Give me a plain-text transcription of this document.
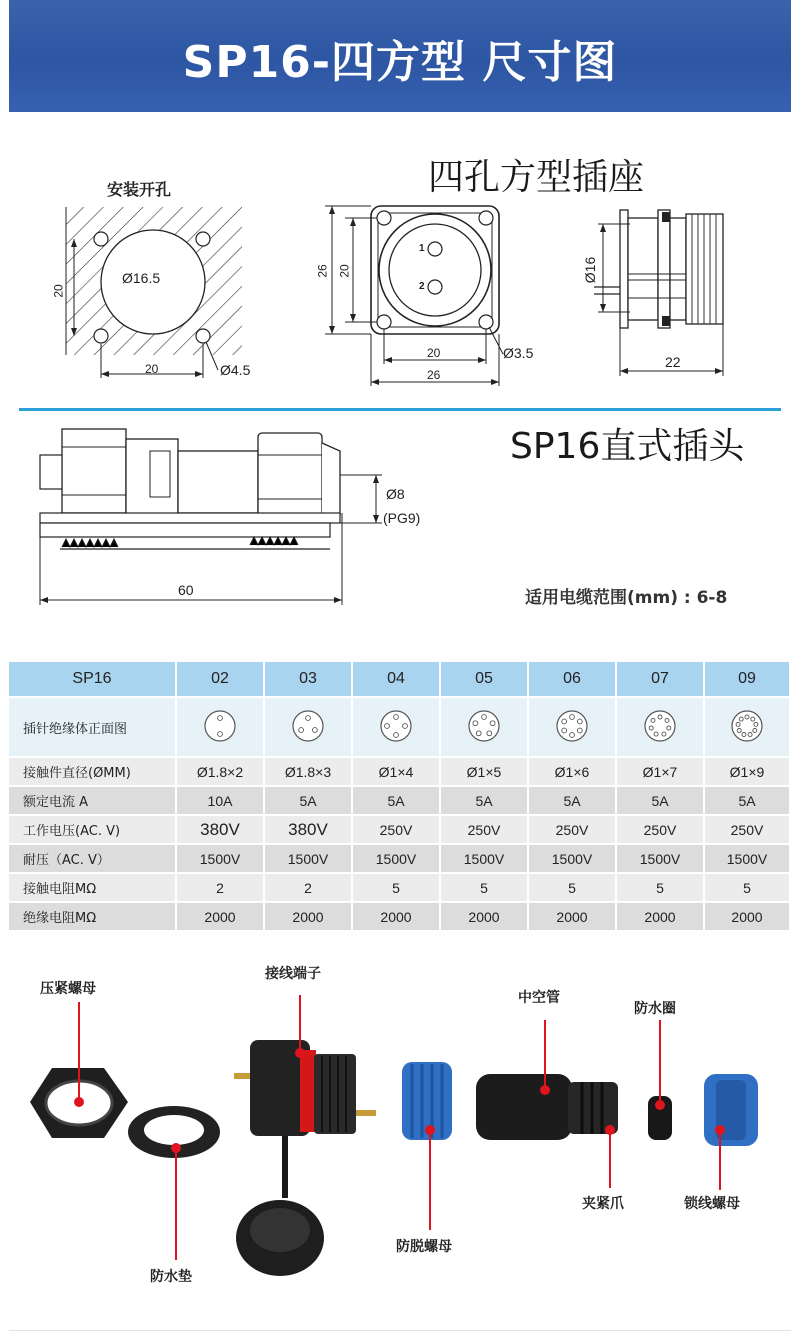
SP16-四方型 尺寸图
安装开孔
Ø16.5
20
20	Ø4.5
四孔方型插座
26 20
20
26
Ø3.5
1
2
Ø16
22
SP16直式插头
Ø8
(PG9)
60	适用电缆范围(mm) : 6-8
SP16	02	03	04	05	06	07	09
插针绝缘体正面图							
接触件直径(ØMM)	Ø1.8×2	Ø1.8×3	Ø1×4	Ø1×5	Ø1×6	Ø1×7	Ø1×9
额定电流 A	10A	5A	5A	5A	5A	5A	5A
工作电压(AC. V)	380V	380V	250V	250V	250V	250V	250V
耐压（AC. V）	1500V	1500V	1500V	1500V	1500V	1500V	1500V
接触电阻MΩ	2	2	5	5	5	5	5
绝缘电阻MΩ	2000	2000	2000	2000	2000	2000	2000
压紧螺母
接线端子
中空管
防水圈
防水垫
防脱螺母
夹紧爪	锁线螺母
